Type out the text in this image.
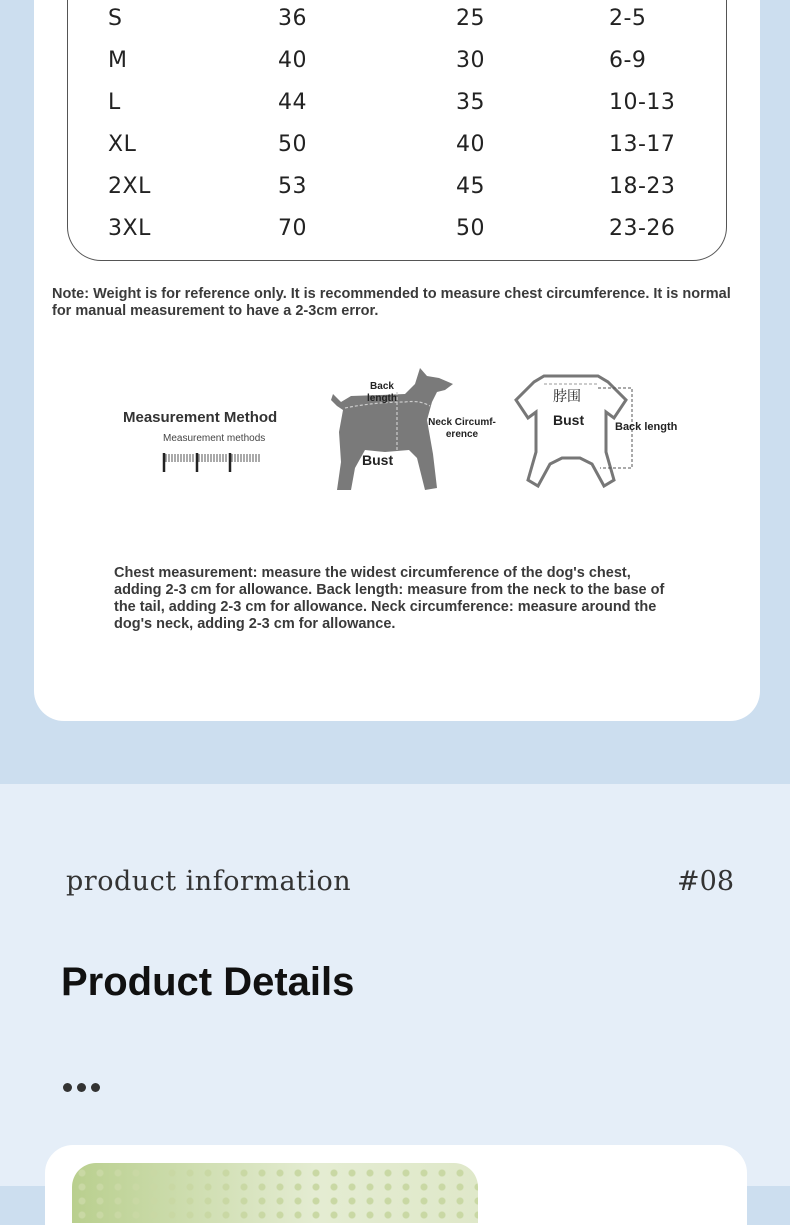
S	36	25	2-5
M	40	30	6-9
L	44	35	10-13
XL	50	40	13-17
2XL	53	45	18-23
3XL	70	50	23-26
Note: Weight is for reference only. It is recommended to measure chest circumference. It is normal for manual measurement to have a 2-3cm error.
Measurement Method
Measurement methods
Back length
Neck Circumf- erence
Bust
脖围
Bust	Back length
Chest measurement: measure the widest circumference of the dog's chest, adding 2-3 cm for allowance. Back length: measure from the neck to the base of the tail, adding 2-3 cm for allowance. Neck circumference: measure around the dog's neck, adding 2-3 cm for allowance.
product information	#08
Product Details
